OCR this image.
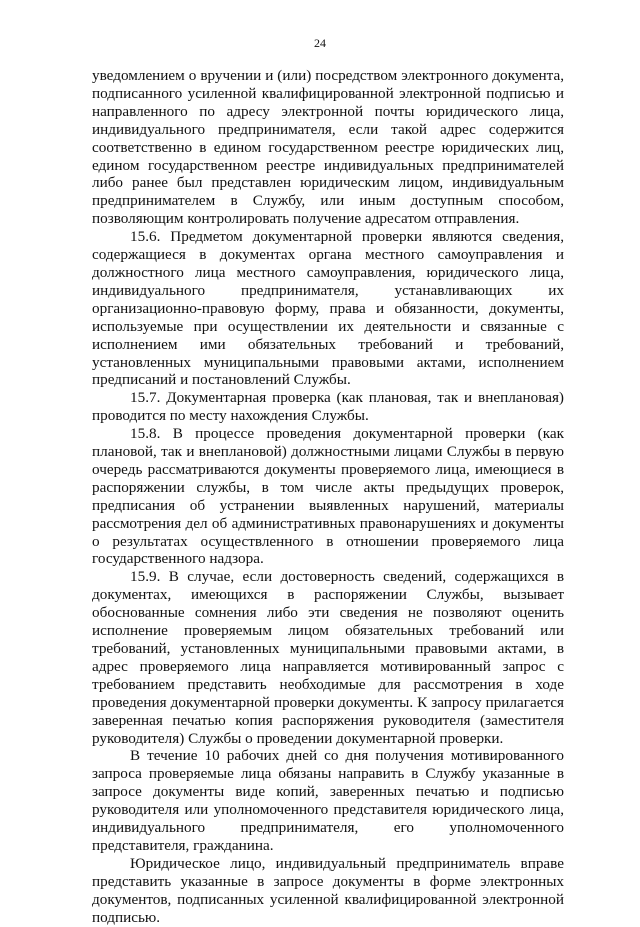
24

уведомлением о вручении и (или) посредством электронного документа, подписанного усиленной квалифицированной электронной подписью и направленного по адресу электронной почты юридического лица, индивидуального предпринимателя, если такой адрес содержится соответственно в едином государственном реестре юридических лиц, едином государственном реестре индивидуальных предпринимателей либо ранее был представлен юридическим лицом, индивидуальным предпринимателем в Службу, или иным доступным способом, позволяющим контролировать получение адресатом отправления.

15.6. Предметом документарной проверки являются сведения, содержащиеся в документах органа местного самоуправления и должностного лица местного самоуправления, юридического лица, индивидуального предпринимателя, устанавливающих их организационно-правовую форму, права и обязанности, документы, используемые при осуществлении их деятельности и связанные с исполнением ими обязательных требований и требований, установленных муниципальными правовыми актами, исполнением предписаний и постановлений Службы.

15.7. Документарная проверка (как плановая, так и внеплановая) проводится по месту нахождения Службы.

15.8. В процессе проведения документарной проверки (как плановой, так и внеплановой) должностными лицами Службы в первую очередь рассматриваются документы проверяемого лица, имеющиеся в распоряжении службы, в том числе акты предыдущих проверок, предписания об устранении выявленных нарушений, материалы рассмотрения дел об административных правонарушениях и документы о результатах осуществленного в отношении проверяемого лица государственного надзора.

15.9. В случае, если достоверность сведений, содержащихся в документах, имеющихся в распоряжении Службы, вызывает обоснованные сомнения либо эти сведения не позволяют оценить исполнение проверяемым лицом обязательных требований или требований, установленных муниципальными правовыми актами, в адрес проверяемого лица направляется мотивированный запрос с требованием представить необходимые для рассмотрения в ходе проведения документарной проверки документы. К запросу прилагается заверенная печатью копия распоряжения руководителя (заместителя руководителя) Службы о проведении документарной проверки.

В течение 10 рабочих дней со дня получения мотивированного запроса проверяемые лица обязаны направить в Службу указанные в запросе документы виде копий, заверенных печатью и подписью руководителя или уполномоченного представителя юридического лица, индивидуального предпринимателя, его уполномоченного представителя, гражданина.

Юридическое лицо, индивидуальный предприниматель вправе представить указанные в запросе документы в форме электронных документов, подписанных усиленной квалифицированной электронной подписью.
